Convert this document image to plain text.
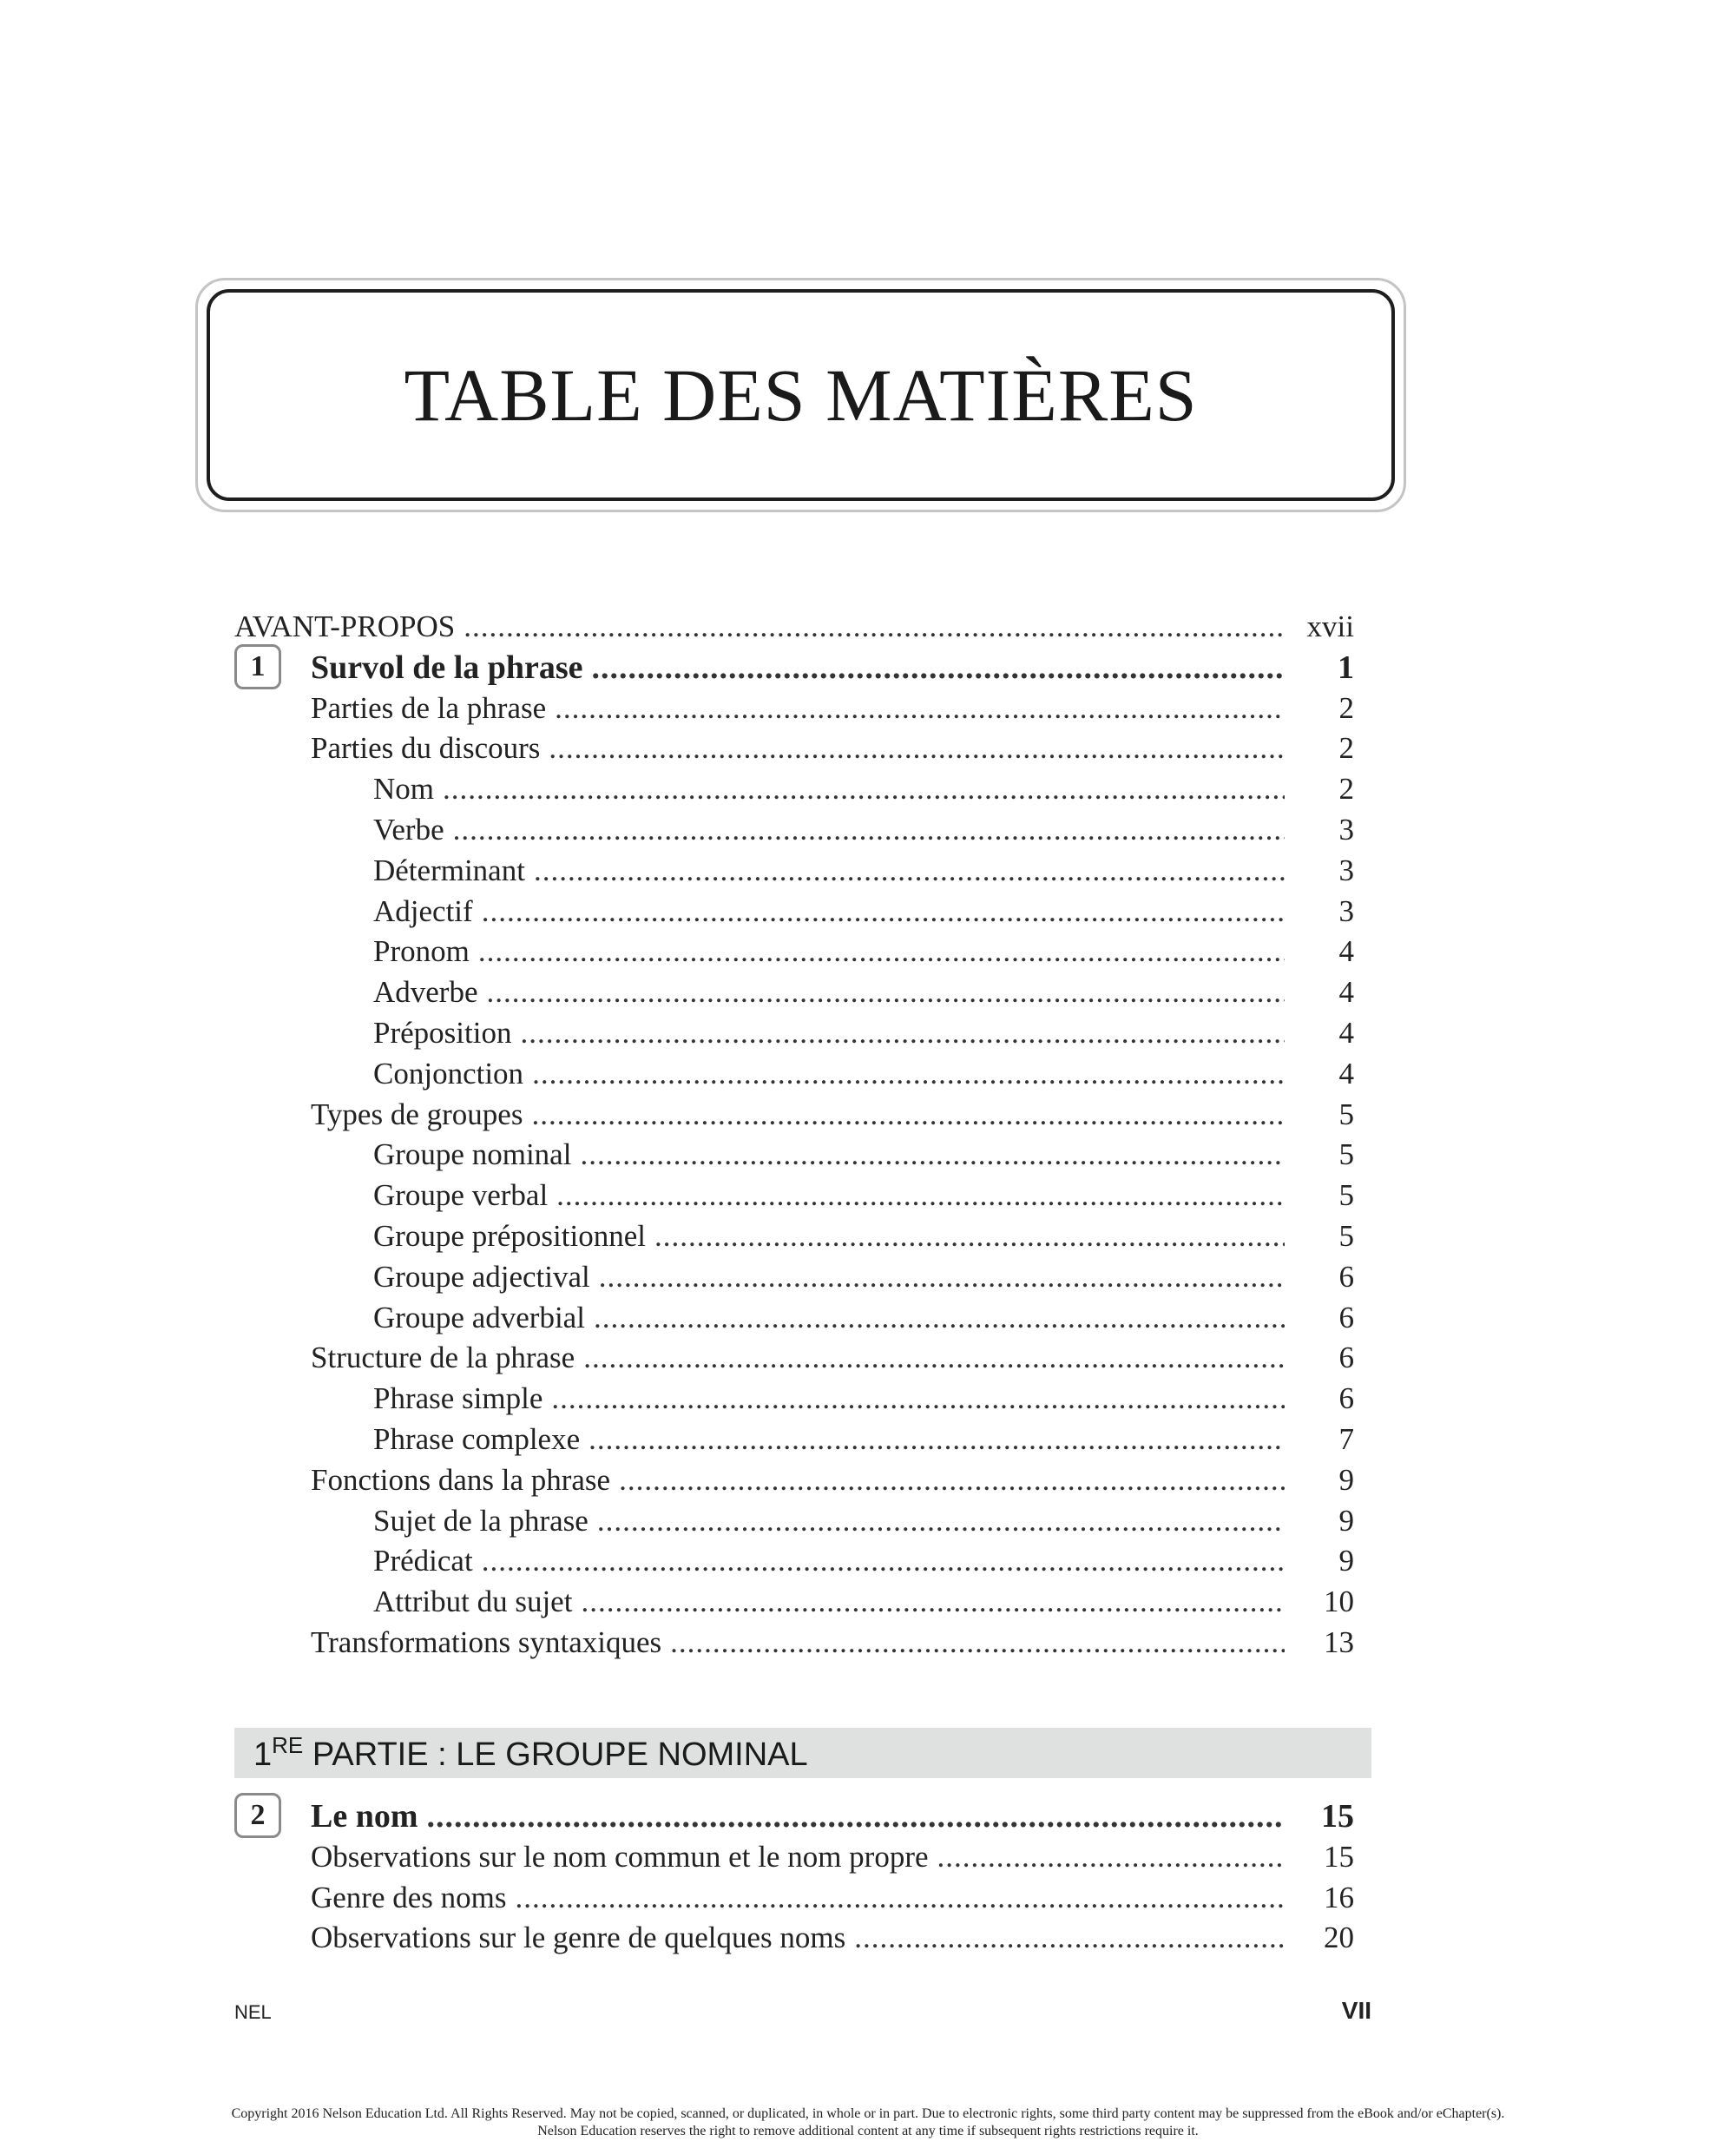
TABLE DES MATIÈRES
AVANT-PROPOS .....	xvii
Survol de la phrase .....	1
1
Parties de la phrase .....	2
Parties du discours .....	2
Nom .....	2
Verbe .....	3
Déterminant .....	3
Adjectif .....	3
Pronom .....	4
Adverbe .....	4
Préposition .....	4
Conjonction .....	4
Types de groupes .....	5
Groupe nominal .....	5
Groupe verbal .....	5
Groupe prépositionnel .....	5
Groupe adjectival .....	6
Groupe adverbial .....	6
Structure de la phrase .....	6
Phrase simple .....	6
Phrase complexe .....	7
Fonctions dans la phrase .....	9
Sujet de la phrase .....	9
Prédicat .....	9
Attribut du sujet .....	10
Transformations syntaxiques .....	13
1RE PARTIE : LE GROUPE NOMINAL
Le nom .....	15
2
Observations sur le nom commun et le nom propre .....	15
Genre des noms .....	16
Observations sur le genre de quelques noms .....	20
NEL	VII
Copyright 2016 Nelson Education Ltd. All Rights Reserved. May not be copied, scanned, or duplicated, in whole or in part. Due to electronic rights, some third party content may be suppressed from the eBook and/or eChapter(s).
Nelson Education reserves the right to remove additional content at any time if subsequent rights restrictions require it.
